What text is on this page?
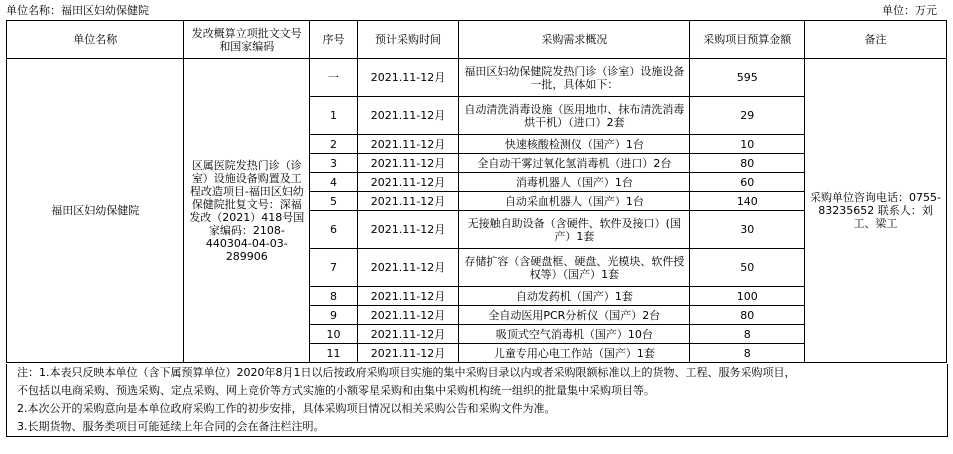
单位名称：福田区妇幼保健院	单位：万元
单位名称	发改概算立项批文文号和国家编码	序号	预计采购时间	采购需求概况	采购项目预算金额	备注
福田区妇幼保健院	区属医院发热门诊（诊室）设施设备购置及工程改造项目-福田区妇幼保健院批复文号：深福发改（2021）418号国家编码：2108-440304-04-03-289906	一	2021.11-12月	福田区妇幼保健院发热门诊（诊室）设施设备一批，具体如下：	595	采购单位咨询电话：0755-83235652 联系人：刘工、梁工
		1	2021.11-12月	自动清洗消毒设施（医用地巾、抹布清洗消毒烘干机）（进口）2套	29	
		2	2021.11-12月	快速核酸检测仪（国产）1台	10	
		3	2021.11-12月	全自动干雾过氧化氢消毒机（进口）2台	80	
		4	2021.11-12月	消毒机器人（国产）1台	60	
		5	2021.11-12月	自动采血机器人（国产）1台	140	
		6	2021.11-12月	无接触自助设备（含硬件、软件及接口）(国产）1套	30	
		7	2021.11-12月	存储扩容（含硬盘框、硬盘、光模块、软件授权等）（国产）1套	50	
		8	2021.11-12月	自动发药机（国产）1套	100	
		9	2021.11-12月	全自动医用PCR分析仪（国产）2台	80	
		10	2021.11-12月	吸顶式空气消毒机（国产）10台	8	
		11	2021.11-12月	儿童专用心电工作站（国产）1套	8	
注：1.本表只反映本单位（含下属预算单位）2020年8月1日以后按政府采购项目实施的集中采购目录以内或者采购限额标准以上的货物、工程、服务采购项目，
不包括以电商采购、预选采购、定点采购、网上竞价等方式实施的小额零星采购和由集中采购机构统一组织的批量集中采购项目等。
2.本次公开的采购意向是本单位政府采购工作的初步安排，具体采购项目情况以相关采购公告和采购文件为准。
3.长期货物、服务类项目可能延续上年合同的会在备注栏注明。
